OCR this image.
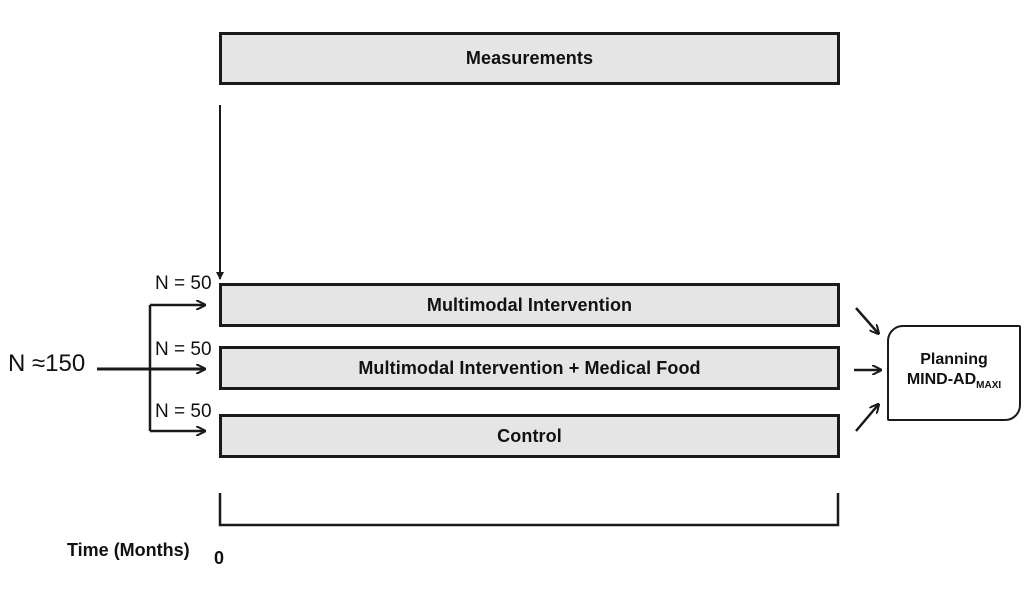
Measurements
Multimodal Intervention
Multimodal Intervention + Medical Food
Control
N ≈150
N = 50
N = 50
N = 50
Planning
MIND-$AD_{MAXI}$
Time (Months) 0
